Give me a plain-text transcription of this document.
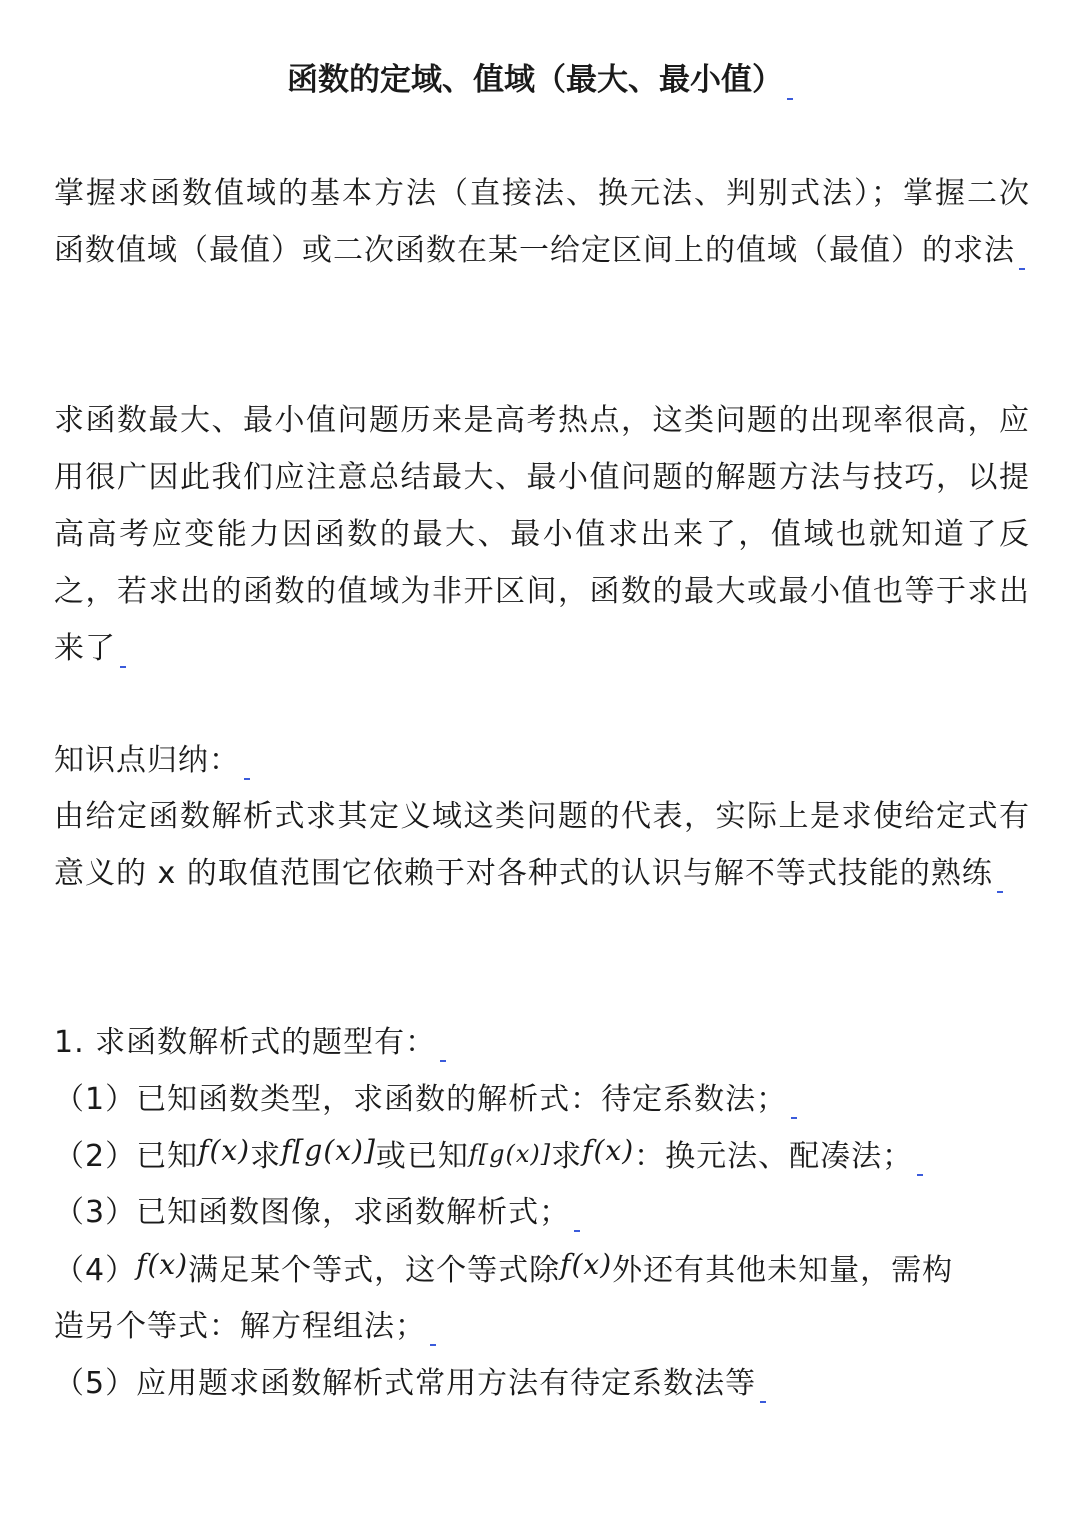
函数的定域、值域（最大、最小值）
掌握求函数值域的基本方法（直接法、换元法、判别式法）；掌握二次函数值域（最值）或二次函数在某一给定区间上的值域（最值）的求法
求函数最大、最小值问题历来是高考热点，这类问题的出现率很高，应用很广因此我们应注意总结最大、最小值问题的解题方法与技巧，以提高高考应变能力因函数的最大、最小值求出来了，值域也就知道了反之，若求出的函数的值域为非开区间，函数的最大或最小值也等于求出来了
知识点归纳：
由给定函数解析式求其定义域这类问题的代表，实际上是求使给定式有意义的 x 的取值范围它依赖于对各种式的认识与解不等式技能的熟练
1. 求函数解析式的题型有：
（1）已知函数类型，求函数的解析式：待定系数法；
（2）已知f(x)求f[g(x)]或已知f[g(x)]求f(x)：换元法、配凑法；
（3）已知函数图像，求函数解析式；
（4）f(x)满足某个等式，这个等式除f(x)外还有其他未知量，需构
造另个等式：解方程组法；
（5）应用题求函数解析式常用方法有待定系数法等
